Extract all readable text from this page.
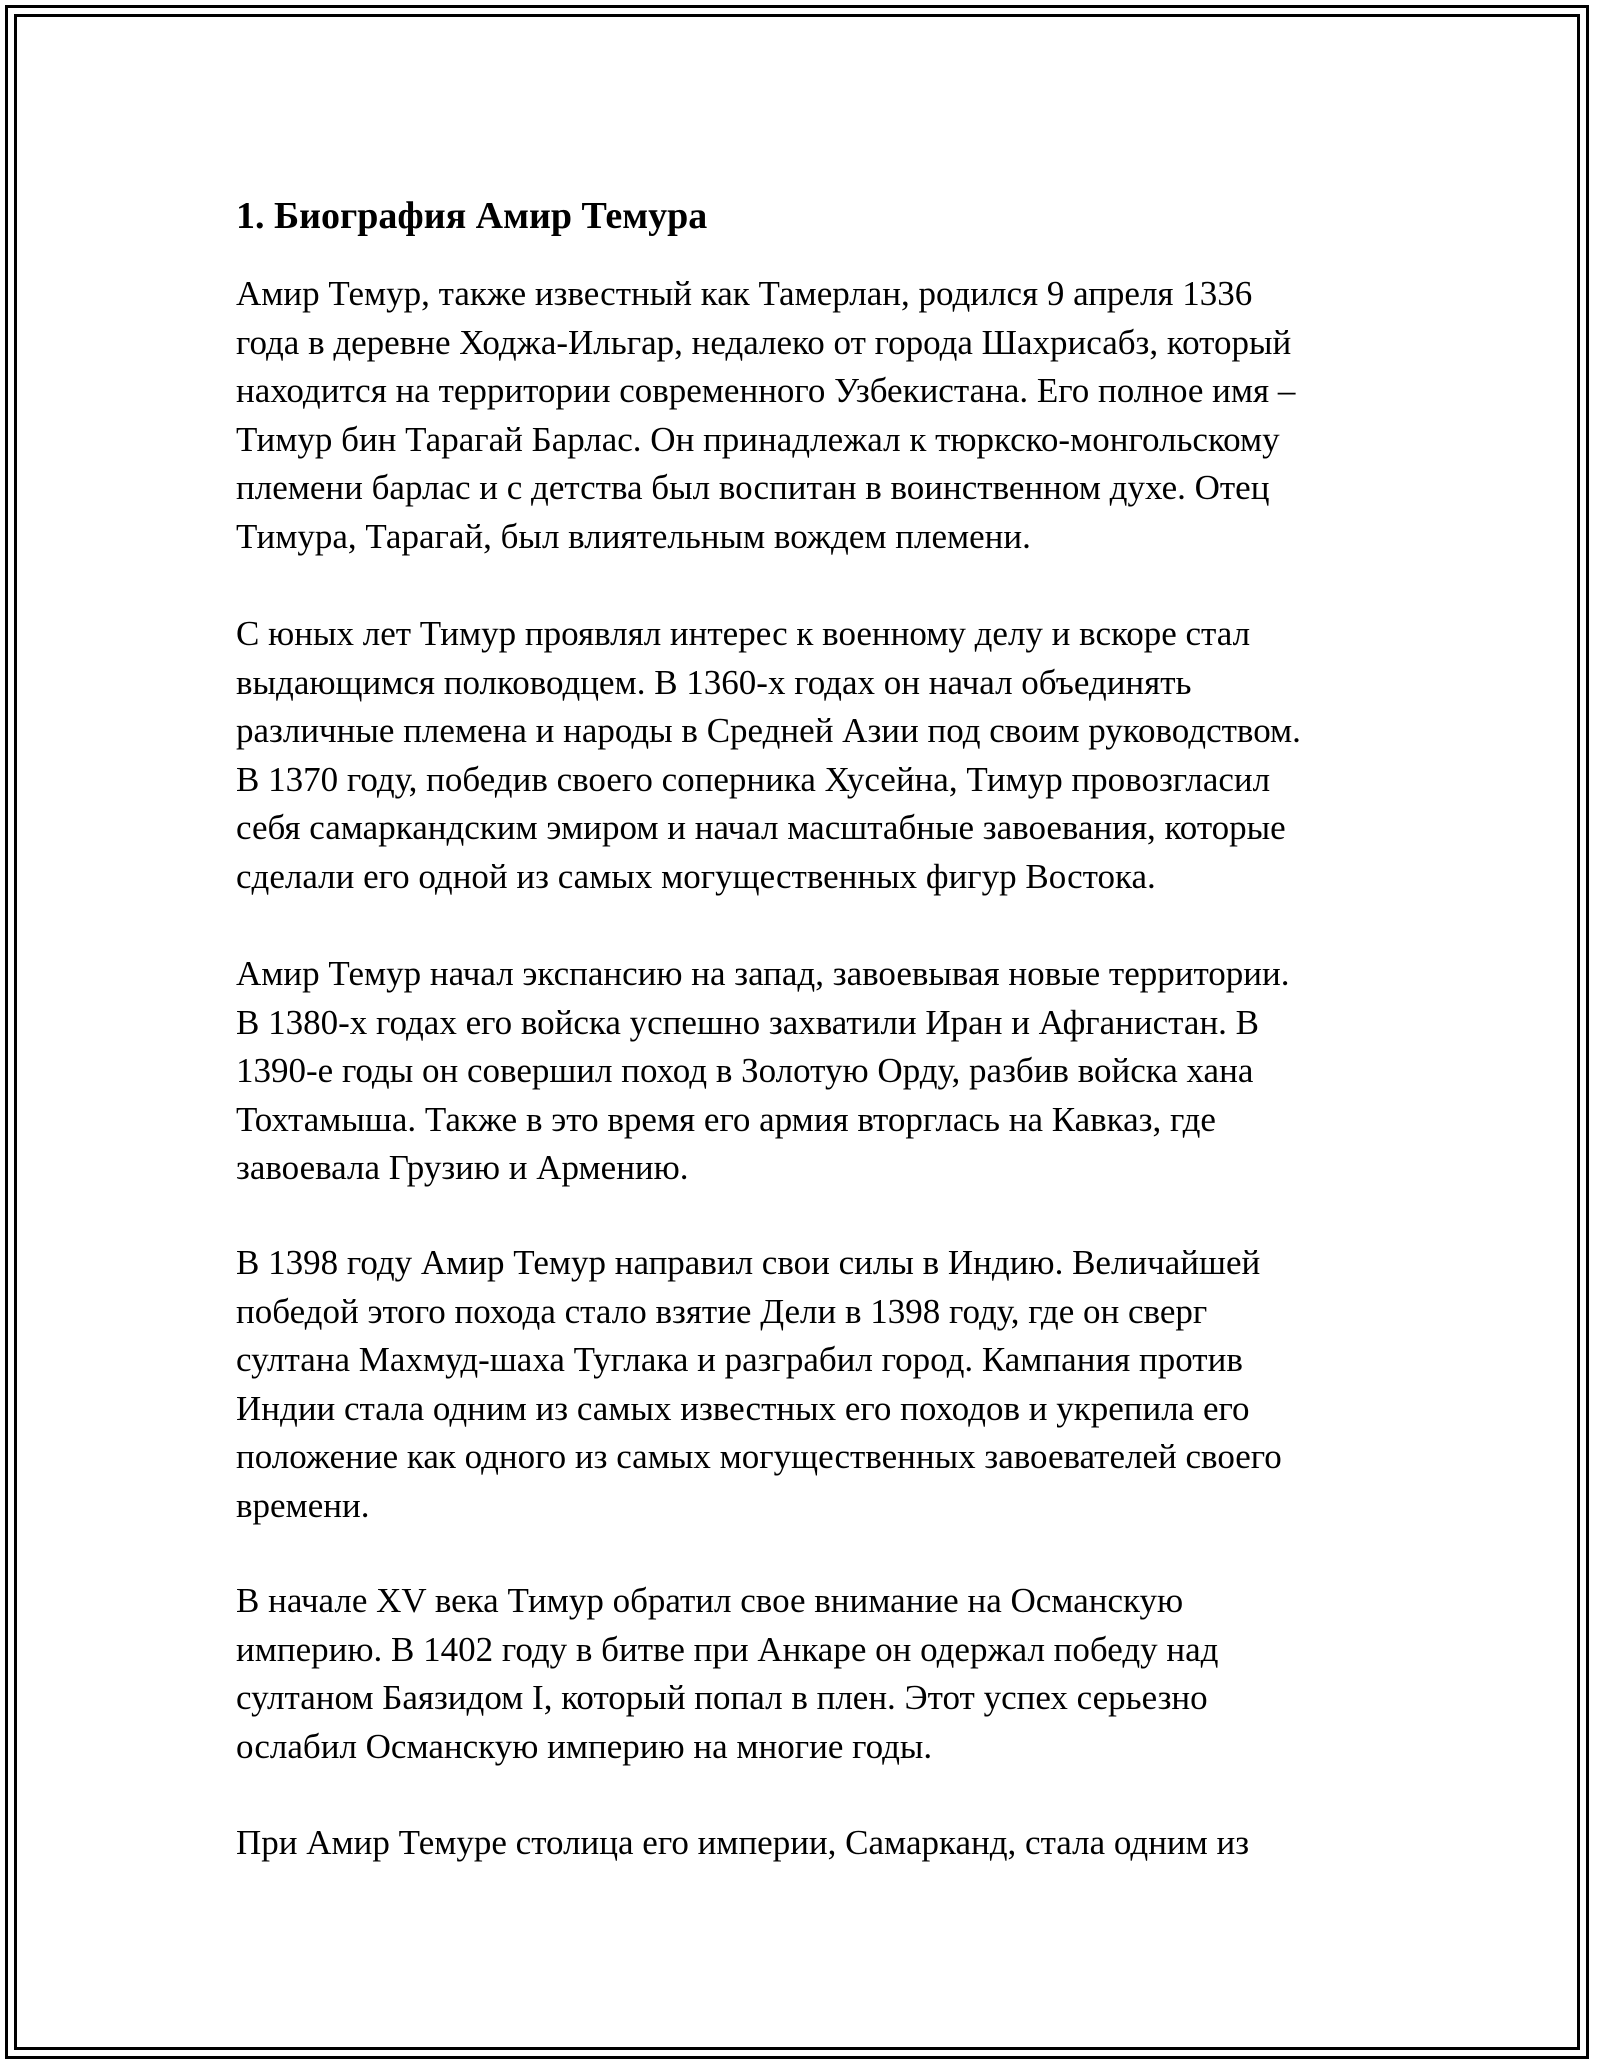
1. Биография Амир Темура

Амир Темур, также известный как Тамерлан, родился 9 апреля 1336
года в деревне Ходжа-Ильгар, недалеко от города Шахрисабз, который
находится на территории современного Узбекистана. Его полное имя –
Тимур бин Тарагай Барлас. Он принадлежал к тюркско-монгольскому
племени барлас и с детства был воспитан в воинственном духе. Отец
Тимура, Тарагай, был влиятельным вождем племени.

С юных лет Тимур проявлял интерес к военному делу и вскоре стал
выдающимся полководцем. В 1360-х годах он начал объединять
различные племена и народы в Средней Азии под своим руководством.
В 1370 году, победив своего соперника Хусейна, Тимур провозгласил
себя самаркандским эмиром и начал масштабные завоевания, которые
сделали его одной из самых могущественных фигур Востока.

Амир Темур начал экспансию на запад, завоевывая новые территории.
В 1380-х годах его войска успешно захватили Иран и Афганистан. В
1390-е годы он совершил поход в Золотую Орду, разбив войска хана
Тохтамыша. Также в это время его армия вторглась на Кавказ, где
завоевала Грузию и Армению.

В 1398 году Амир Темур направил свои силы в Индию. Величайшей
победой этого похода стало взятие Дели в 1398 году, где он сверг
султана Махмуд-шаха Туглака и разграбил город. Кампания против
Индии стала одним из самых известных его походов и укрепила его
положение как одного из самых могущественных завоевателей своего
времени.

В начале XV века Тимур обратил свое внимание на Османскую
империю. В 1402 году в битве при Анкаре он одержал победу над
султаном Баязидом I, который попал в плен. Этот успех серьезно
ослабил Османскую империю на многие годы.

При Амир Темуре столица его империи, Самарканд, стала одним из
